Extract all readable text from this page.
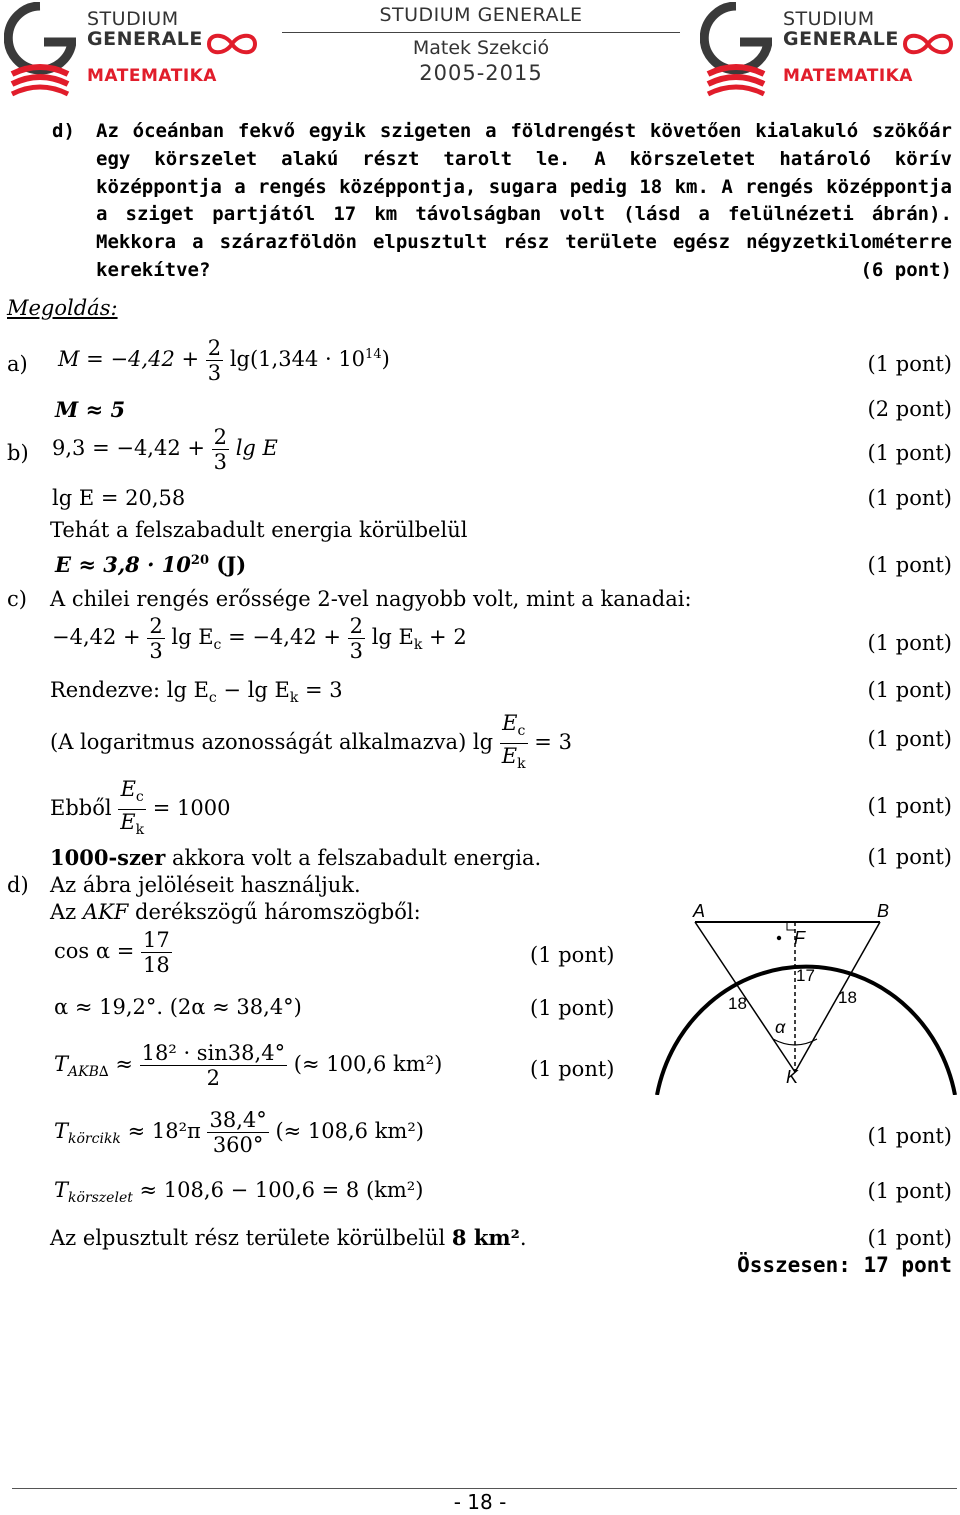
STUDIUM
GENERALE
MATEMATIKA
STUDIUM GENERALE
Matek Szekció
2005-2015
STUDIUM
GENERALE
MATEMATIKA
d) Az óceánban fekvő egyik szigeten a földrengést követően kialakuló szökőár egy körszelet alakú részt tarolt le. A körszeletet határoló körív középpontja a rengés középpontja, sugara pedig 18 km. A rengés középpontja a sziget partjától 17 km távolságban volt (lásd a felülnézeti ábrán). Mekkora a szárazföldön elpusztult rész területe egész négyzetkilométerre kerekítve?	(6 pont)
Megoldás:
a) $M = -4,42 + \frac{2}{3} \lg(1,344 \cdot 10^{14})$	(1 pont)
M ≈ 5	(2 pont)
b) $9,3 = -4,42 + \frac{2}{3}$ lg E	(1 pont)
lg E = 20,58	(1 pont)
Tehát a felszabadult energia körülbelül
$E \approx 3,8 \cdot 10^{20}$ (J)	(1 pont)
c) A chilei rengés erőssége 2-vel nagyobb volt, mint a kanadai:
$-4,42 + \frac{2}{3}$ $\lg E_c = -4,42 + \frac{2}{3}$ $\lg E_k + 2$	(1 pont)
Rendezve: $\lg E_c - \lg E_k = 3$	(1 pont)
(A logaritmus azonosságát alkalmazva) $\lg \frac{E_c}{E_k} = 3$	(1 pont)
Ebből $\frac{E_c}{E_k} = 1000$	(1 pont)
1000-szer akkora volt a felszabadult energia.	(1 pont)
d) Az ábra jelöléseit használjuk.
Az AKF derékszögű háromszögből:
$\cos \alpha = \frac{17}{18}$	(1 pont)
α ≈ 19,2°. (2α ≈ 38,4°)	(1 pont)
$T_{AKB\Delta} \approx \frac{\text{18² · sin38,4°}}{2}$ (≈ 100,6 km²)	(1 pont)
$T_{körcikk} \approx 18^2\pi \frac{38,4^\circ}{360^\circ}$ (≈ 108,6 km²)	(1 pont)
$T_{körszelet} \approx 108,6 - 100,6 = 8$ (km²)	(1 pont)
Az elpusztult rész területe körülbelül 8 km².	(1 pont)
Összesen: 17 pont
A	B
F
K
α
18	18
17
- 18 -
